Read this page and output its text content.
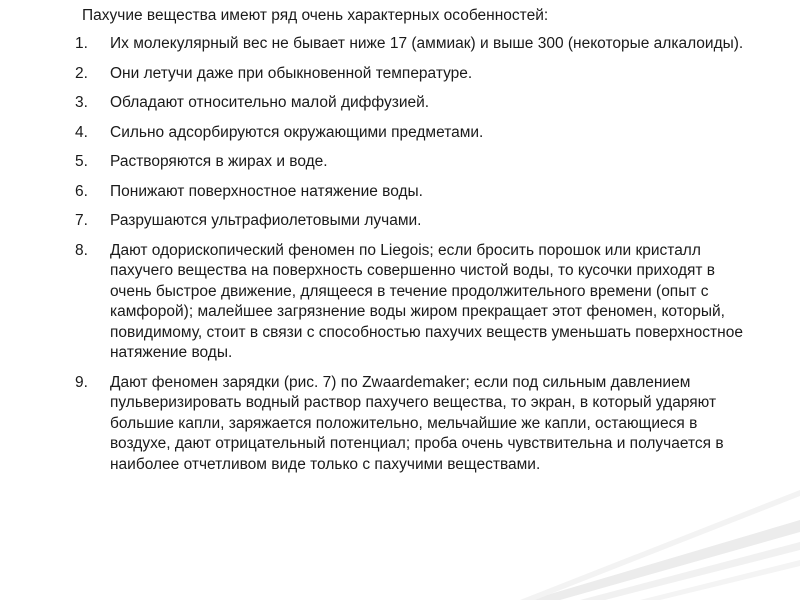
Пахучие вещества имеют ряд очень характерных особенностей:

1. Их молекулярный вес не бывает ниже 17 (аммиак) и выше 300 (некоторые алкалоиды).
2. Они летучи даже при обыкновенной температуре.
3. Обладают относительно малой диффузией.
4. Сильно адсорбируются окружающими предметами.
5. Растворяются в жирах и воде.
6. Понижают поверхностное натяжение воды.
7. Разрушаются ультрафиолетовыми лучами.
8. Дают одорископический феномен по Liegois; если бросить порошок или кристалл пахучего вещества на поверхность совершенно чистой воды, то кусочки приходят в очень быстрое движение, длящееся в течение продолжительного времени (опыт с камфорой); малейшее загрязнение воды жиром прекращает этот феномен, который, повидимому, стоит в связи с способностью пахучих веществ уменьшать поверхностное натяжение воды.
9. Дают феномен зарядки (рис. 7) по Zwaardemaker; если под сильным давлением пульверизировать водный раствор пахучего вещества, то экран, в который ударяют большие капли, заряжается положительно, мельчайшие же капли, остающиеся в воздухе, дают отрицательный потенциал; проба очень чувствительна и получается в наиболее отчетливом виде только с пахучими веществами.
